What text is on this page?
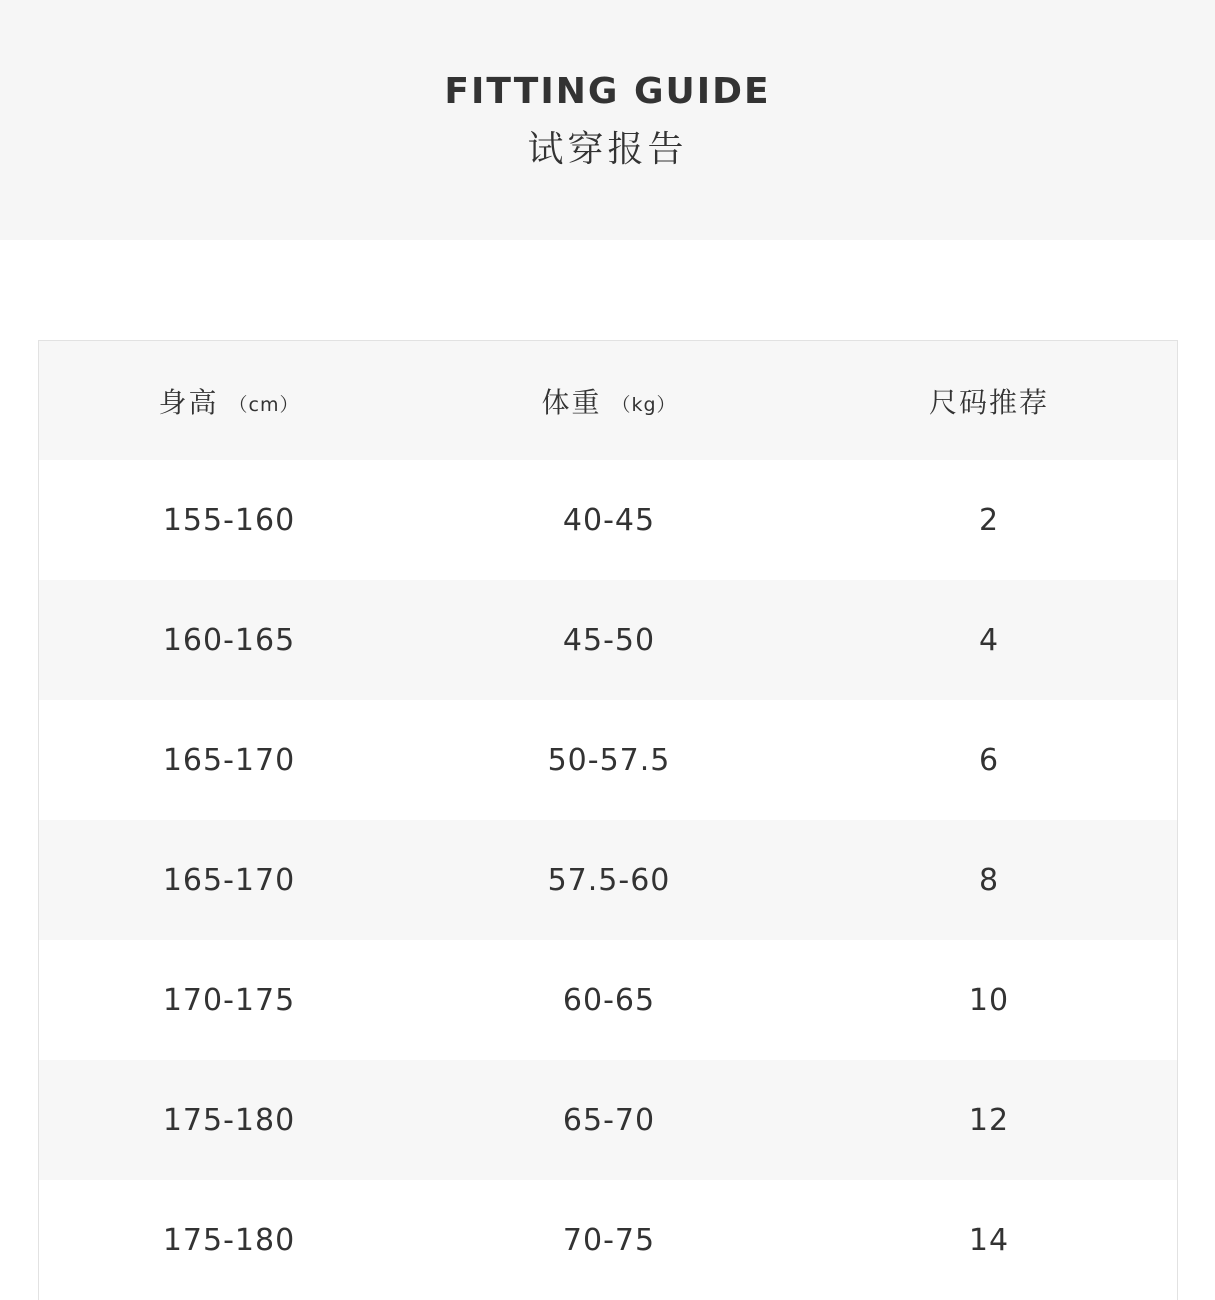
FITTING GUIDE
试穿报告
身高 （cm）	体重 （kg）	尺码推荐
155-160	40-45	2
160-165	45-50	4
165-170	50-57.5	6
165-170	57.5-60	8
170-175	60-65	10
175-180	65-70	12
175-180	70-75	14
